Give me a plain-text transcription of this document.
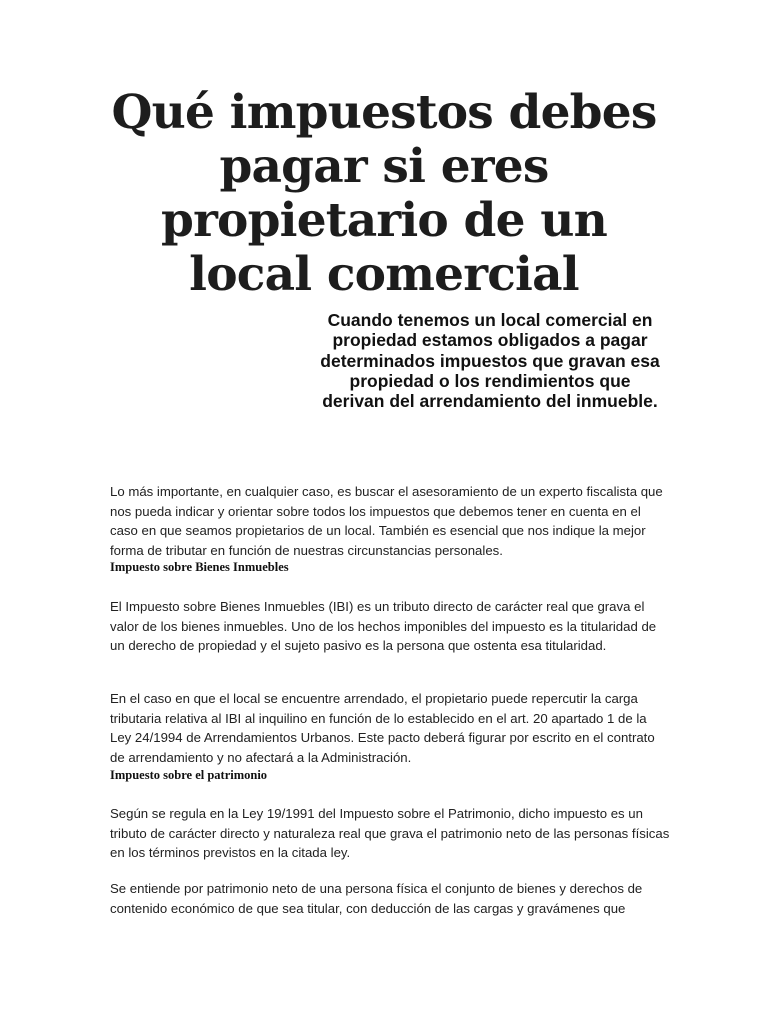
Qué impuestos debes pagar si eres propietario de un local comercial

Cuando tenemos un local comercial en propiedad estamos obligados a pagar determinados impuestos que gravan esa propiedad o los rendimientos que derivan del arrendamiento del inmueble.

Lo más importante, en cualquier caso, es buscar el asesoramiento de un experto fiscalista que nos pueda indicar y orientar sobre todos los impuestos que debemos tener en cuenta en el caso en que seamos propietarios de un local. También es esencial que nos indique la mejor forma de tributar en función de nuestras circunstancias personales.

Impuesto sobre Bienes Inmuebles

El Impuesto sobre Bienes Inmuebles (IBI) es un tributo directo de carácter real que grava el valor de los bienes inmuebles. Uno de los hechos imponibles del impuesto es la titularidad de un derecho de propiedad y el sujeto pasivo es la persona que ostenta esa titularidad.

En el caso en que el local se encuentre arrendado, el propietario puede repercutir la carga tributaria relativa al IBI al inquilino en función de lo establecido en el art. 20 apartado 1 de la Ley 24/1994 de Arrendamientos Urbanos. Este pacto deberá figurar por escrito en el contrato de arrendamiento y no afectará a la Administración.

Impuesto sobre el patrimonio

Según se regula en la Ley 19/1991 del Impuesto sobre el Patrimonio, dicho impuesto es un tributo de carácter directo y naturaleza real que grava el patrimonio neto de las personas físicas en los términos previstos en la citada ley.

Se entiende por patrimonio neto de una persona física el conjunto de bienes y derechos de contenido económico de que sea titular, con deducción de las cargas y gravámenes que
